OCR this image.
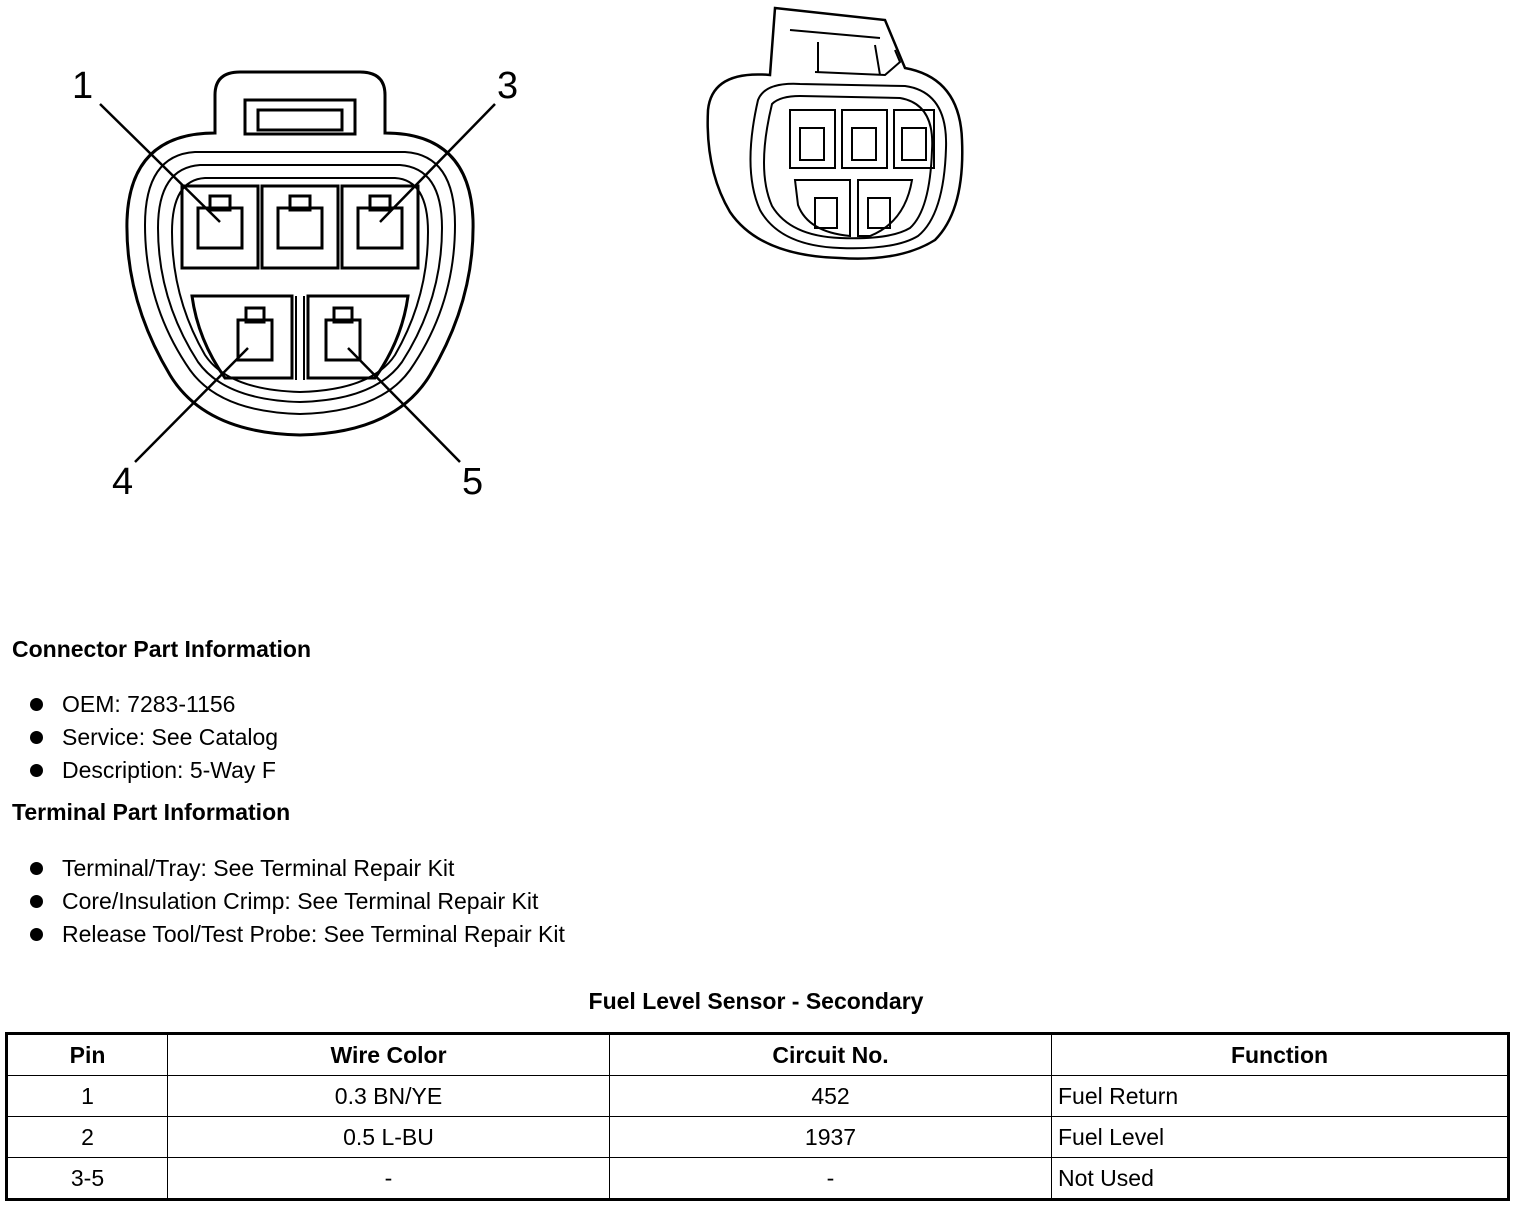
1	3
4	5
Connector Part Information
OEM: 7283-1156
Service: See Catalog
Description: 5-Way F
Terminal Part Information
Terminal/Tray: See Terminal Repair Kit
Core/Insulation Crimp: See Terminal Repair Kit
Release Tool/Test Probe: See Terminal Repair Kit
Fuel Level Sensor - Secondary
Pin	Wire Color	Circuit No.	Function
1	0.3 BN/YE	452	Fuel Return
2	0.5 L-BU	1937	Fuel Level
3-5	-	-	Not Used
